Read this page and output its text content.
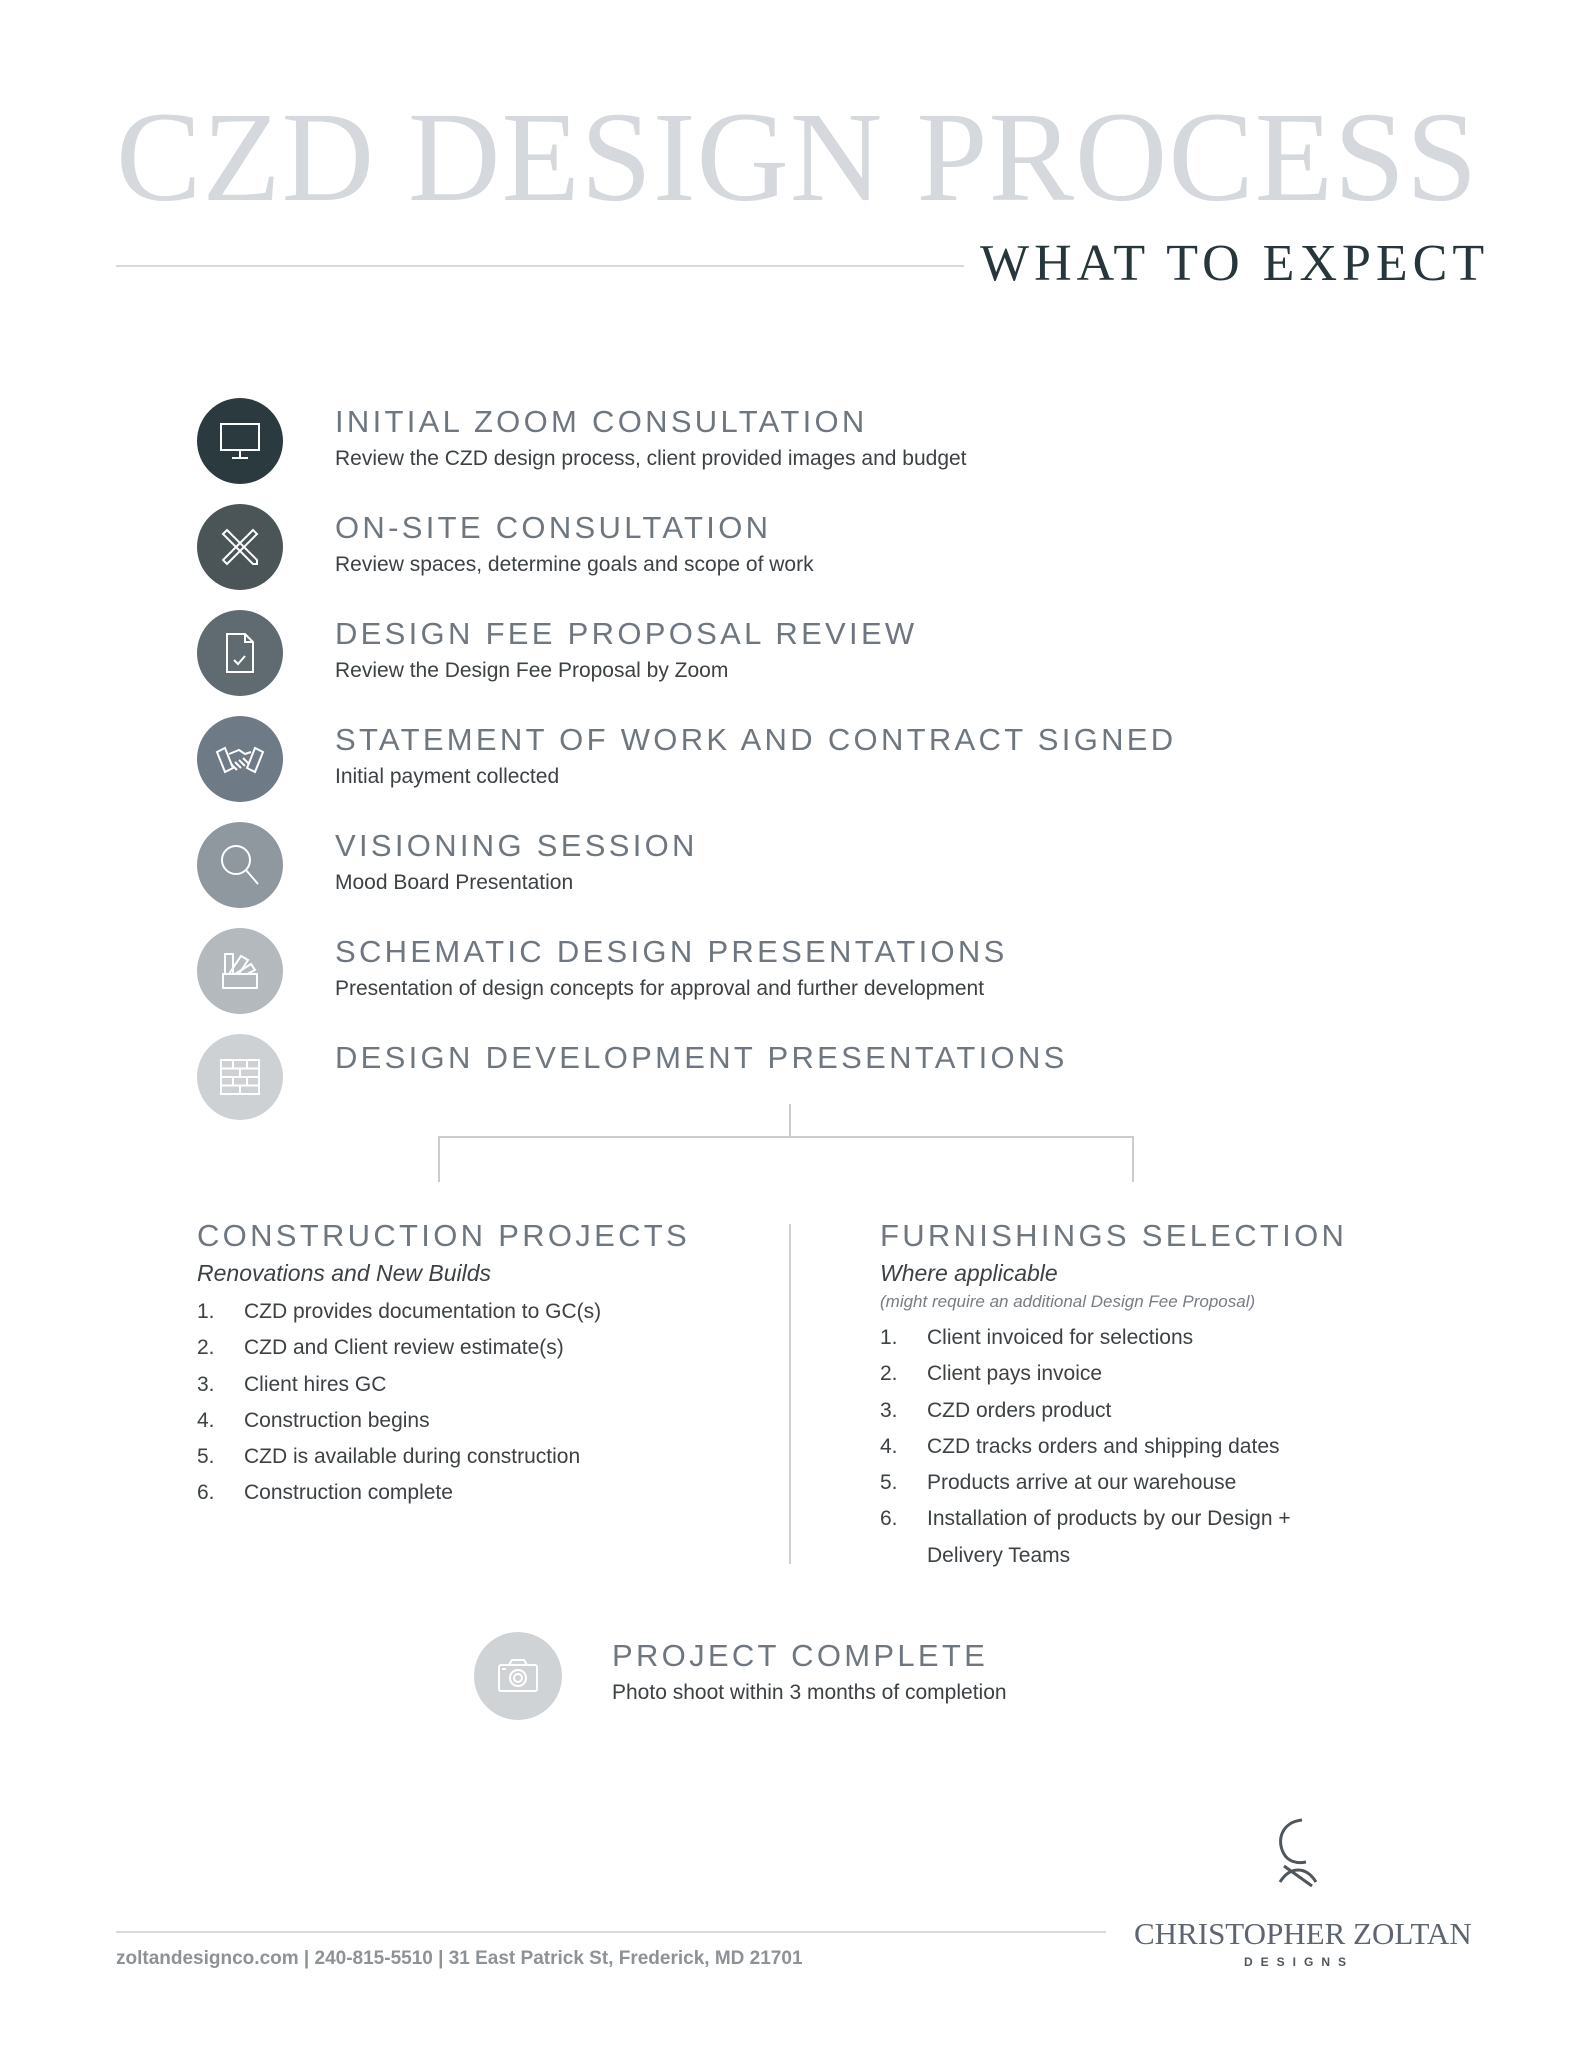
CZD DESIGN PROCESS
WHAT TO EXPECT
INITIAL ZOOM CONSULTATION
Review the CZD design process, client provided images and budget
ON-SITE CONSULTATION
Review spaces, determine goals and scope of work
DESIGN FEE PROPOSAL REVIEW
Review the Design Fee Proposal by Zoom
STATEMENT OF WORK AND CONTRACT SIGNED
Initial payment collected
VISIONING SESSION
Mood Board Presentation
SCHEMATIC DESIGN PRESENTATIONS
Presentation of design concepts for approval and further development
DESIGN DEVELOPMENT PRESENTATIONS
CONSTRUCTION PROJECTS
Renovations and New Builds
1. CZD provides documentation to GC(s)
2. CZD and Client review estimate(s)
3. Client hires GC
4. Construction begins
5. CZD is available during construction
6. Construction complete
FURNISHINGS SELECTION
Where applicable
(might require an additional Design Fee Proposal)
1. Client invoiced for selections
2. Client pays invoice
3. CZD orders product
4. CZD tracks orders and shipping dates
5. Products arrive at our warehouse
6. Installation of products by our Design +
Delivery Teams
PROJECT COMPLETE
Photo shoot within 3 months of completion
zoltandesignco.com | 240-815-5510 | 31 East Patrick St, Frederick, MD 21701
CHRISTOPHER ZOLTAN
DESIGNS
